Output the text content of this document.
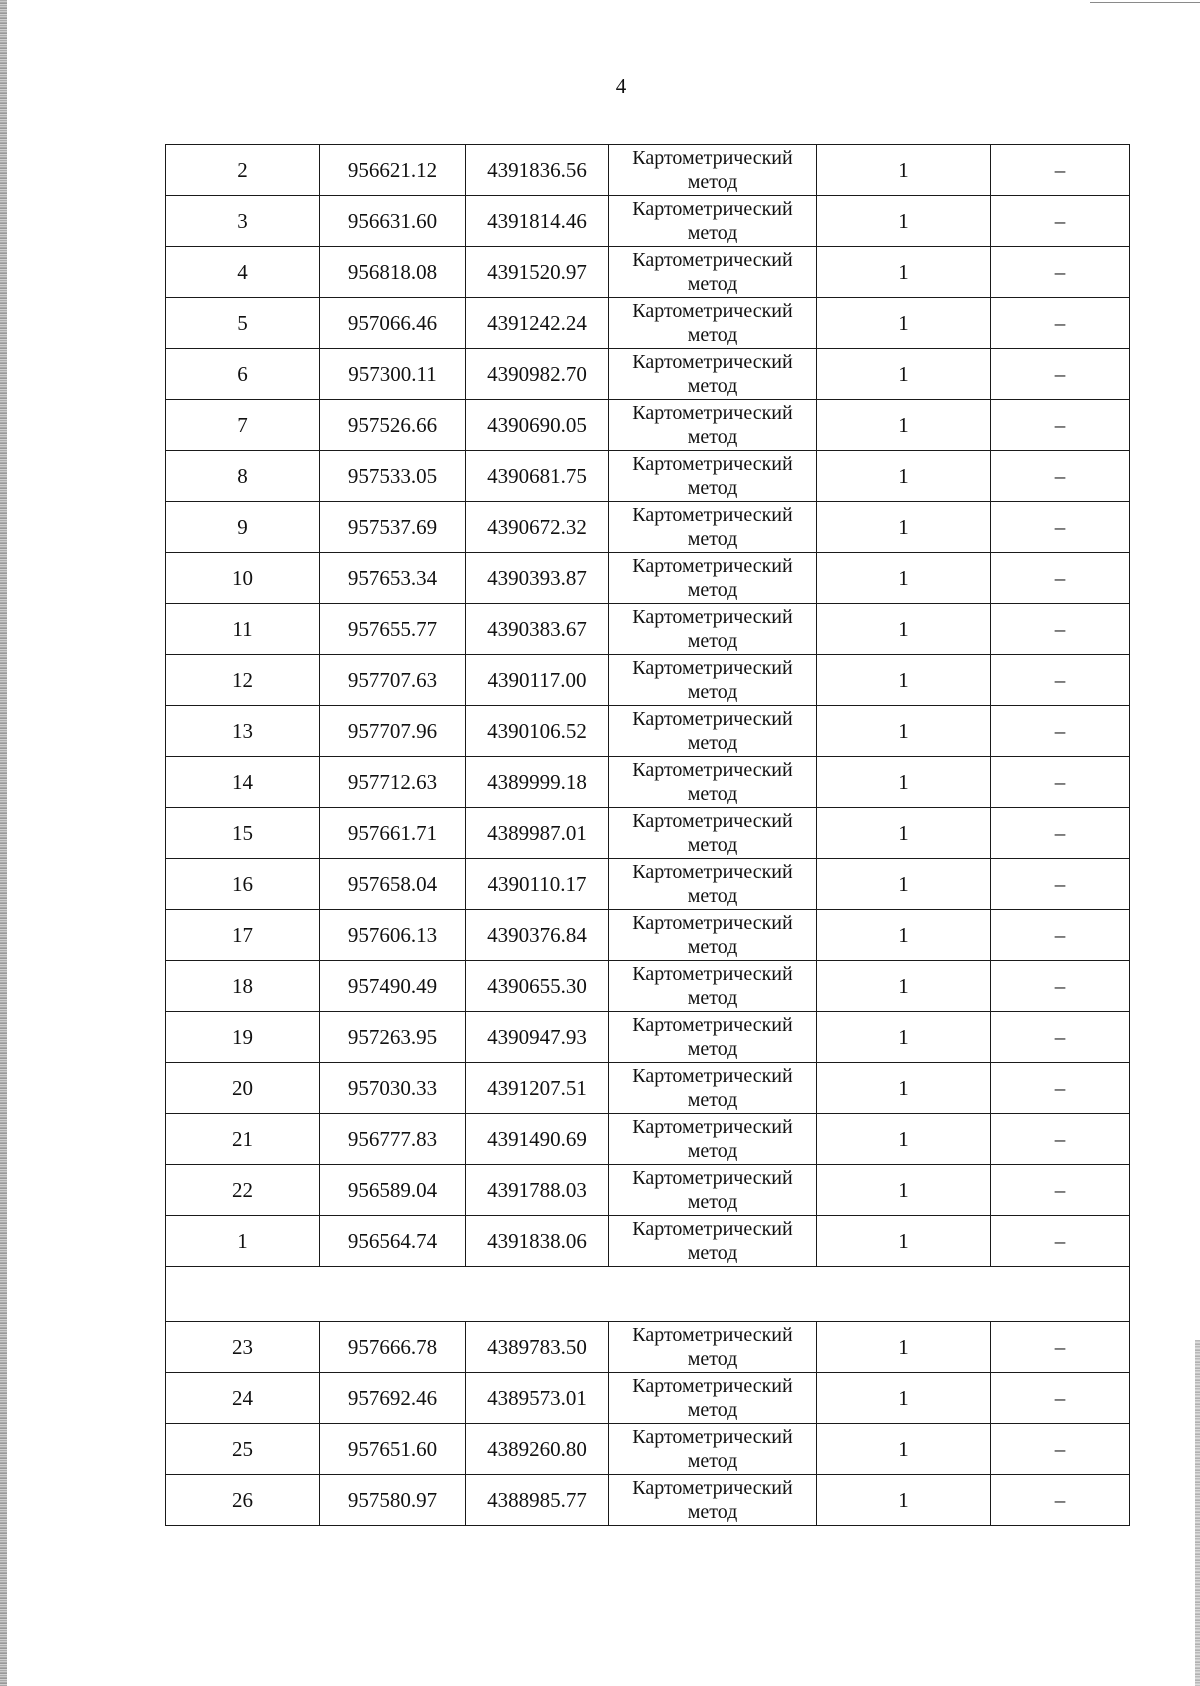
4
2	956621.12	4391836.56	Картометрический
метод	1	–
3	956631.60	4391814.46	Картометрический
метод	1	–
4	956818.08	4391520.97	Картометрический
метод	1	–
5	957066.46	4391242.24	Картометрический
метод	1	–
6	957300.11	4390982.70	Картометрический
метод	1	–
7	957526.66	4390690.05	Картометрический
метод	1	–
8	957533.05	4390681.75	Картометрический
метод	1	–
9	957537.69	4390672.32	Картометрический
метод	1	–
10	957653.34	4390393.87	Картометрический
метод	1	–
11	957655.77	4390383.67	Картометрический
метод	1	–
12	957707.63	4390117.00	Картометрический
метод	1	–
13	957707.96	4390106.52	Картометрический
метод	1	–
14	957712.63	4389999.18	Картометрический
метод	1	–
15	957661.71	4389987.01	Картометрический
метод	1	–
16	957658.04	4390110.17	Картометрический
метод	1	–
17	957606.13	4390376.84	Картометрический
метод	1	–
18	957490.49	4390655.30	Картометрический
метод	1	–
19	957263.95	4390947.93	Картометрический
метод	1	–
20	957030.33	4391207.51	Картометрический
метод	1	–
21	956777.83	4391490.69	Картометрический
метод	1	–
22	956589.04	4391788.03	Картометрический
метод	1	–
1	956564.74	4391838.06	Картометрический
метод	1	–

23	957666.78	4389783.50	Картометрический
метод	1	–
24	957692.46	4389573.01	Картометрический
метод	1	–
25	957651.60	4389260.80	Картометрический
метод	1	–
26	957580.97	4388985.77	Картометрический
метод	1	–
